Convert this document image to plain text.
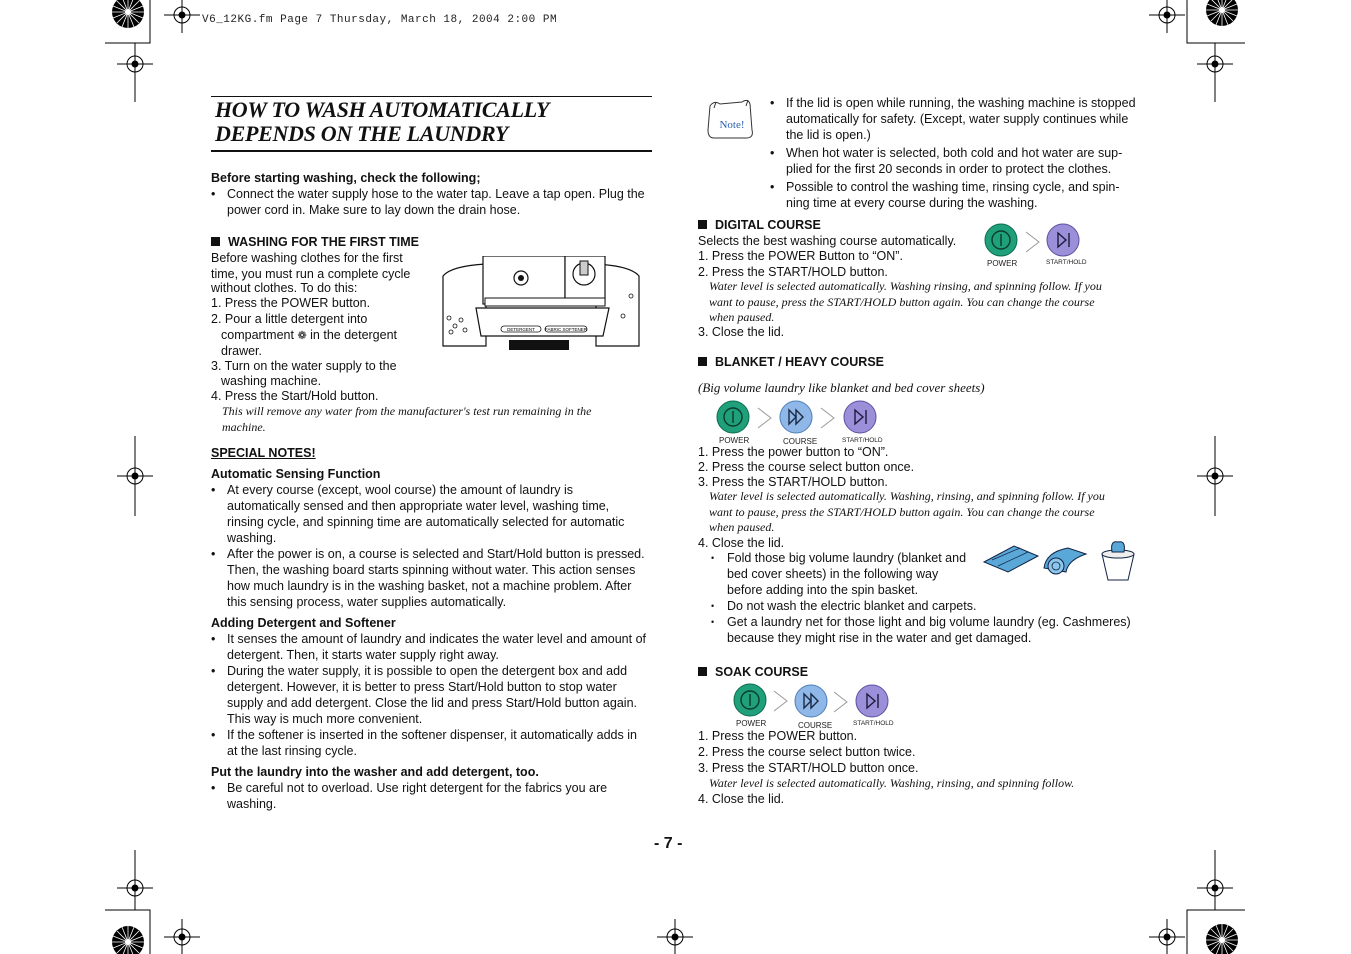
V6_12KG.fm Page 7 Thursday, March 18, 2004 2:00 PM
HOW TO WASH AUTOMATICALLY
DEPENDS ON THE LAUNDRY
Before starting washing, check the following;
• Connect the water supply hose to the water tap. Leave a tap open. Plug the
power cord in. Make sure to lay down the drain hose.
WASHING FOR THE FIRST TIME
Before washing clothes for the first
time, you must run a complete cycle
without clothes. To do this:
1. Press the POWER button.
2. Pour a little detergent into
compartment ❁ in the detergent
drawer.
3. Turn on the water supply to the
washing machine.
4. Press the Start/Hold button.
This will remove any water from the manufacturer's test run remaining in the
machine.
DETERGENT FABRIC SOFTENER
SPECIAL NOTES!
Automatic Sensing Function
• At every course (except, wool course) the amount of laundry is
automatically sensed and then appropriate water level, washing time,
rinsing cycle, and spinning time are automatically selected for automatic
washing.
• After the power is on, a course is selected and Start/Hold button is pressed.
Then, the washing board starts spinning without water. This action senses
how much laundry is in the washing basket, not a machine problem. After
this sensing process, water supplies automatically.
Adding Detergent and Softener
• It senses the amount of laundry and indicates the water level and amount of
detergent. Then, it starts water supply right away.
• During the water supply, it is possible to open the detergent box and add
detergent. However, it is better to press Start/Hold button to stop water
supply and add detergent. Close the lid and press Start/Hold button again.
This way is much more convenient.
• If the softener is inserted in the softener dispenser, it automatically adds in
at the last rinsing cycle.
Put the laundry into the washer and add detergent, too.
• Be careful not to overload. Use right detergent for the fabrics you are
washing.
Note!
• If the lid is open while running, the washing machine is stopped
automatically for safety. (Except, water supply continues while
the lid is open.)
• When hot water is selected, both cold and hot water are sup-
plied for the first 20 seconds in order to protect the clothes.
• Possible to control the washing time, rinsing cycle, and spin-
ning time at every course during the washing.
DIGITAL COURSE
Selects the best washing course automatically.
1. Press the POWER Button to “ON”.
2. Press the START/HOLD button.
Water level is selected automatically. Washing rinsing, and spinning follow. If you
want to pause, press the START/HOLD button again. You can change the course
when paused.
3. Close the lid.
POWER	START/HOLD
BLANKET / HEAVY COURSE
(Big volume laundry like blanket and bed cover sheets)
POWER	COURSE	START/HOLD
1. Press the power button to “ON”.
2. Press the course select button once.
3. Press the START/HOLD button.
Water level is selected automatically. Washing, rinsing, and spinning follow. If you
want to pause, press the START/HOLD button again. You can change the course
when paused.
4. Close the lid.
• Fold those big volume laundry (blanket and
bed cover sheets) in the following way
before adding into the spin basket.
• Do not wash the electric blanket and carpets.
• Get a laundry net for those light and big volume laundry (eg. Cashmeres)
because they might rise in the water and get damaged.
SOAK COURSE
POWER	COURSE	START/HOLD
1. Press the POWER button.
2. Press the course select button twice.
3. Press the START/HOLD button once.
Water level is selected automatically. Washing, rinsing, and spinning follow.
4. Close the lid.
- 7 -
